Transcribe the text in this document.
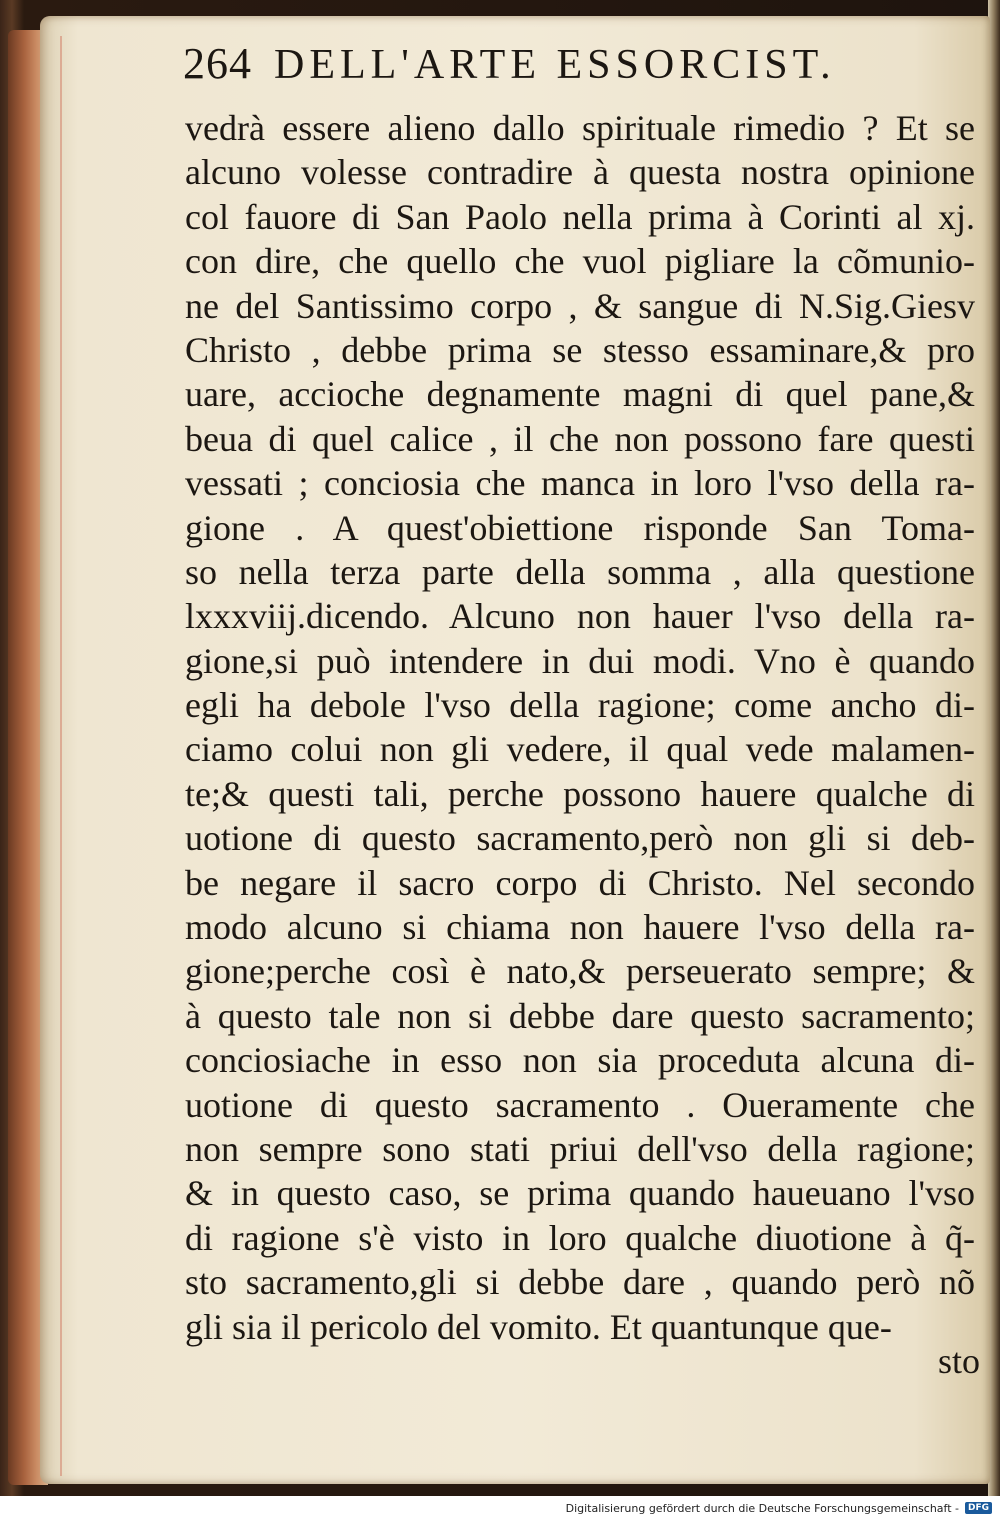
264 DELL'ARTE ESSORCIST.
vedrà essere alieno dallo spirituale rimedio ? Et se
alcuno volesse contradire à questa nostra opinione
col fauore di San Paolo nella prima à Corinti al xj.
con dire, che quello che vuol pigliare la cõmunio-
ne del Santissimo corpo , & sangue di N.Sig.Giesv
Christo , debbe prima se stesso essaminare,& pro
uare, accioche degnamente magni di quel pane,&
beua di quel calice , il che non possono fare questi
vessati ; conciosia che manca in loro l'vso della ra-
gione . A quest'obiettione risponde San Toma-
so nella terza parte della somma , alla questione
lxxxviij.dicendo. Alcuno non hauer l'vso della ra-
gione,si può intendere in dui modi. Vno è quando
egli ha debole l'vso della ragione; come ancho di-
ciamo colui non gli vedere, il qual vede malamen-
te;& questi tali, perche possono hauere qualche di
uotione di questo sacramento,però non gli si deb-
be negare il sacro corpo di Christo. Nel secondo
modo alcuno si chiama non hauere l'vso della ra-
gione;perche così è nato,& perseuerato sempre; &
à questo tale non si debbe dare questo sacramento;
conciosiache in esso non sia proceduta alcuna di-
uotione di questo sacramento . Oueramente che
non sempre sono stati priui dell'vso della ragione;
& in questo caso, se prima quando haueuano l'vso
di ragione s'è visto in loro qualche diuotione à q̃-
sto sacramento,gli si debbe dare , quando però nõ
gli sia il pericolo del vomito. Et quantunque que-
sto
Digitalisierung gefördert durch die Deutsche Forschungsgemeinschaft -	DFG
